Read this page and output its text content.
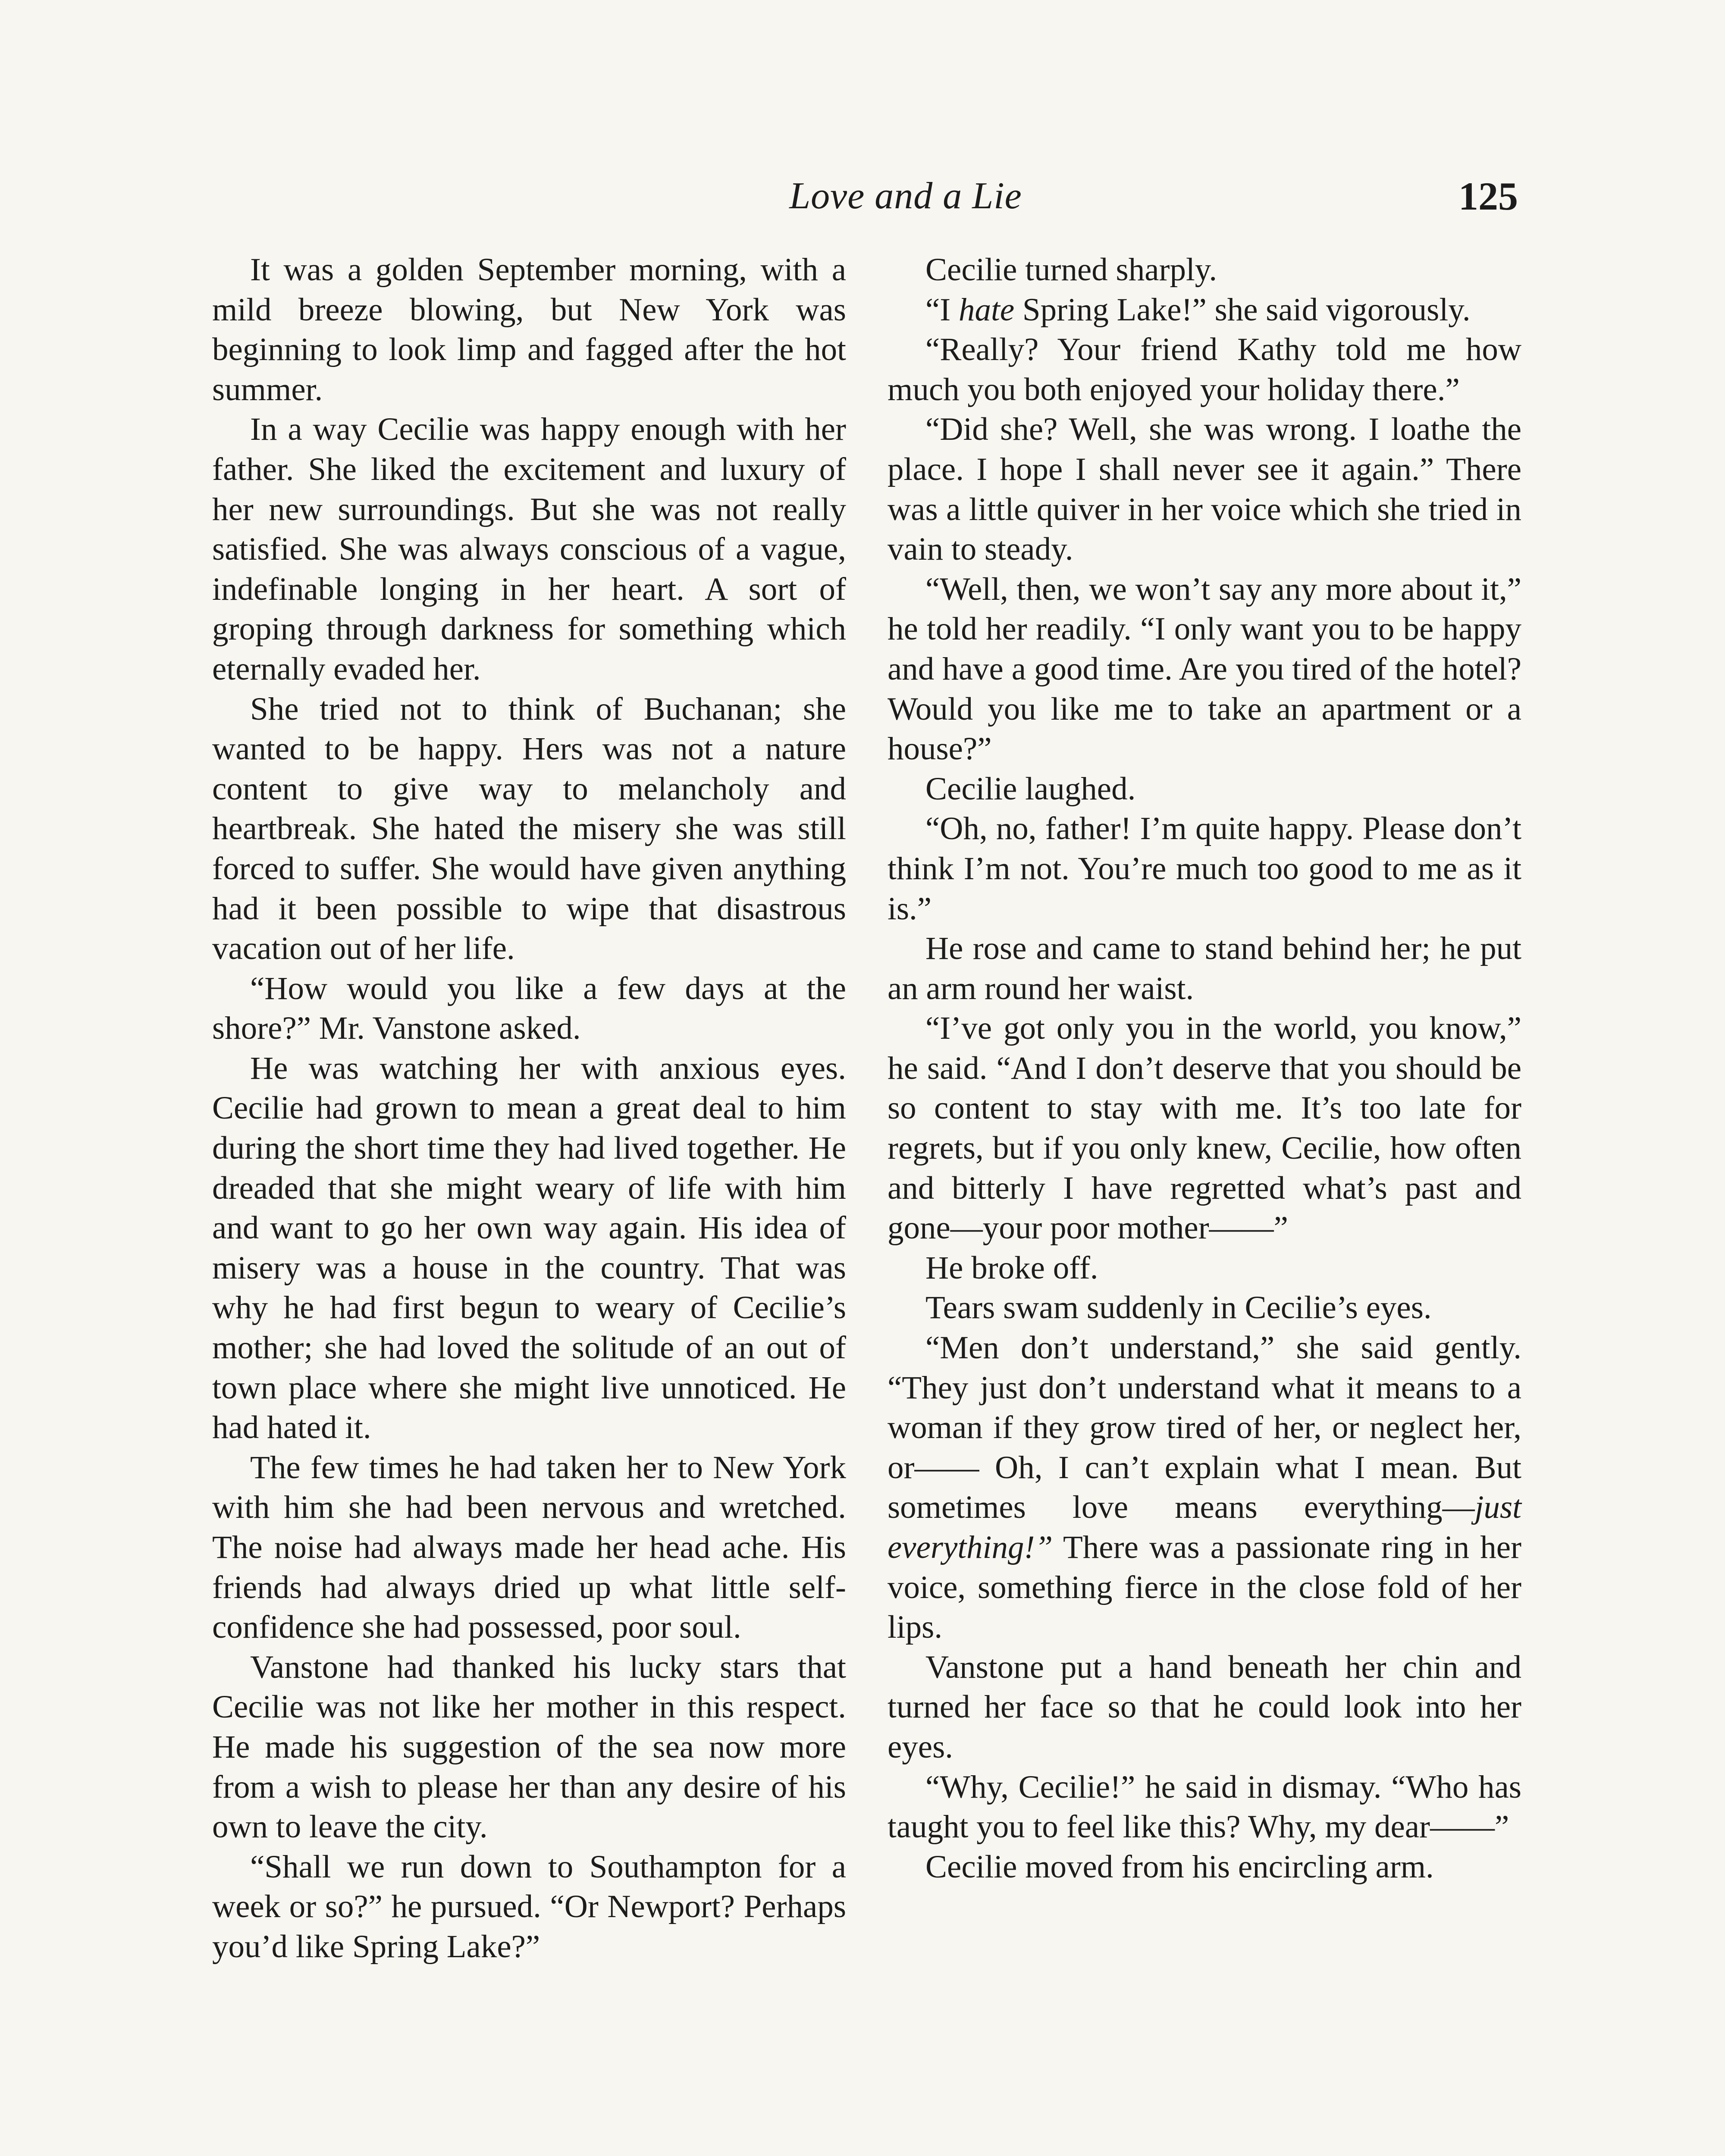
Love and a Lie	125

It was a golden September morning, with a mild breeze blowing, but New York was beginning to look limp and fagged after the hot summer.

In a way Cecilie was happy enough with her father. She liked the excitement and luxury of her new surroundings. But she was not really satisfied. She was always conscious of a vague, indefinable longing in her heart. A sort of groping through darkness for something which eternally evaded her.

She tried not to think of Buchanan; she wanted to be happy. Hers was not a nature content to give way to melancholy and heartbreak. She hated the misery she was still forced to suffer. She would have given anything had it been possible to wipe that disastrous vacation out of her life.

“How would you like a few days at the shore?” Mr. Vanstone asked.

He was watching her with anxious eyes. Cecilie had grown to mean a great deal to him during the short time they had lived together. He dreaded that she might weary of life with him and want to go her own way again. His idea of misery was a house in the country. That was why he had first begun to weary of Cecilie’s mother; she had loved the solitude of an out of town place where she might live unnoticed. He had hated it.

The few times he had taken her to New York with him she had been nervous and wretched. The noise had always made her head ache. His friends had always dried up what little self-confidence she had possessed, poor soul.

Vanstone had thanked his lucky stars that Cecilie was not like her mother in this respect. He made his suggestion of the sea now more from a wish to please her than any desire of his own to leave the city.

“Shall we run down to Southampton for a week or so?” he pursued. “Or Newport? Perhaps you’d like Spring Lake?”

Cecilie turned sharply.

“I hate Spring Lake!” she said vigorously.

“Really? Your friend Kathy told me how much you both enjoyed your holiday there.”

“Did she? Well, she was wrong. I loathe the place. I hope I shall never see it again.” There was a little quiver in her voice which she tried in vain to steady.

“Well, then, we won’t say any more about it,” he told her readily. “I only want you to be happy and have a good time. Are you tired of the hotel? Would you like me to take an apartment or a house?”

Cecilie laughed.

“Oh, no, father! I’m quite happy. Please don’t think I’m not. You’re much too good to me as it is.”

He rose and came to stand behind her; he put an arm round her waist.

“I’ve got only you in the world, you know,” he said. “And I don’t deserve that you should be so content to stay with me. It’s too late for regrets, but if you only knew, Cecilie, how often and bitterly I have regretted what’s past and gone—your poor mother——”

He broke off.

Tears swam suddenly in Cecilie’s eyes.

“Men don’t understand,” she said gently. “They just don’t understand what it means to a woman if they grow tired of her, or neglect her, or—— Oh, I can’t explain what I mean. But sometimes love means everything—just everything!” There was a passionate ring in her voice, something fierce in the close fold of her lips.

Vanstone put a hand beneath her chin and turned her face so that he could look into her eyes.

“Why, Cecilie!” he said in dismay. “Who has taught you to feel like this? Why, my dear——”

Cecilie moved from his encircling arm.
